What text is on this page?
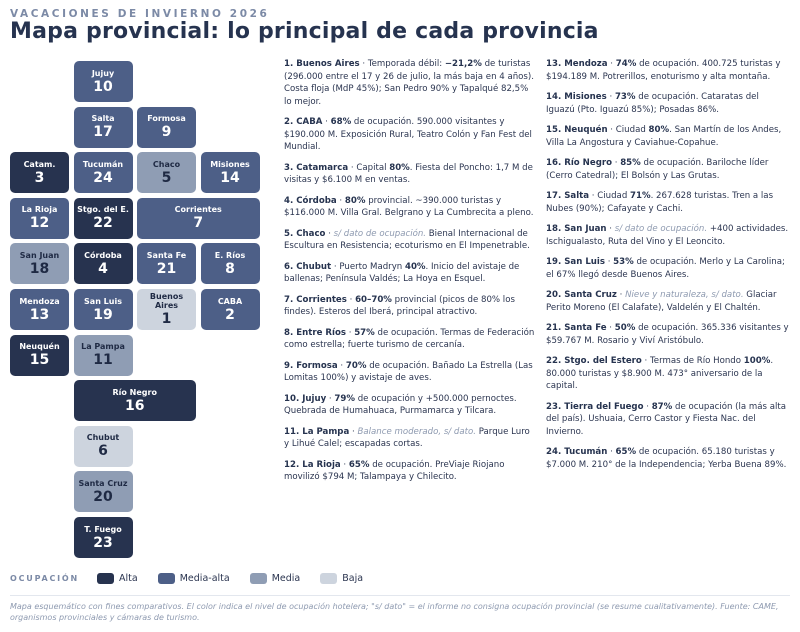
VACACIONES DE INVIERNO 2026
Mapa provincial: lo principal de cada provincia
Jujuy
10
Salta
17
Formosa
9
Catam.
3
Tucumán
24
Chaco
5
Misiones
14
La Rioja
12
Stgo. del E.
22
Corrientes
7
San Juan
18
Córdoba
4
Santa Fe
21
E. Ríos
8
Mendoza
13
San Luis
19
Buenos Aires
1
CABA
2
Neuquén
15
La Pampa
11
Río Negro
16
Chubut
6
Santa Cruz
20
T. Fuego
23
1. Buenos Aires · Temporada débil: −21,2% de turistas (296.000 entre el 17 y 26 de julio, la más baja en 4 años). Costa floja (MdP 45%); San Pedro 90% y Tapalqué 82,5% lo mejor.
2. CABA · 68% de ocupación. 590.000 visitantes y $190.000 M. Exposición Rural, Teatro Colón y Fan Fest del Mundial.
3. Catamarca · Capital 80%. Fiesta del Poncho: 1,7 M de visitas y $6.100 M en ventas.
4. Córdoba · 80% provincial. ~390.000 turistas y $116.000 M. Villa Gral. Belgrano y La Cumbrecita a pleno.
5. Chaco · s/ dato de ocupación. Bienal Internacional de Escultura en Resistencia; ecoturismo en El Impenetrable.
6. Chubut · Puerto Madryn 40%. Inicio del avistaje de ballenas; Península Valdés; La Hoya en Esquel.
7. Corrientes · 60–70% provincial (picos de 80% los findes). Esteros del Iberá, principal atractivo.
8. Entre Ríos · 57% de ocupación. Termas de Federación como estrella; fuerte turismo de cercanía.
9. Formosa · 70% de ocupación. Bañado La Estrella (Las Lomitas 100%) y avistaje de aves.
10. Jujuy · 79% de ocupación y +500.000 pernoctes. Quebrada de Humahuaca, Purmamarca y Tilcara.
11. La Pampa · Balance moderado, s/ dato. Parque Luro y Lihué Calel; escapadas cortas.
12. La Rioja · 65% de ocupación. PreViaje Riojano movilizó $794 M; Talampaya y Chilecito.
13. Mendoza · 74% de ocupación. 400.725 turistas y $194.189 M. Potrerillos, enoturismo y alta montaña.
14. Misiones · 73% de ocupación. Cataratas del Iguazú (Pto. Iguazú 85%); Posadas 86%.
15. Neuquén · Ciudad 80%. San Martín de los Andes, Villa La Angostura y Caviahue-Copahue.
16. Río Negro · 85% de ocupación. Bariloche líder (Cerro Catedral); El Bolsón y Las Grutas.
17. Salta · Ciudad 71%. 267.628 turistas. Tren a las Nubes (90%); Cafayate y Cachi.
18. San Juan · s/ dato de ocupación. +400 actividades. Ischigualasto, Ruta del Vino y El Leoncito.
19. San Luis · 53% de ocupación. Merlo y La Carolina; el 67% llegó desde Buenos Aires.
20. Santa Cruz · Nieve y naturaleza, s/ dato. Glaciar Perito Moreno (El Calafate), Valdelén y El Chaltén.
21. Santa Fe · 50% de ocupación. 365.336 visitantes y $59.767 M. Rosario y Viví Aristóbulo.
22. Stgo. del Estero · Termas de Río Hondo 100%. 80.000 turistas y $8.900 M. 473° aniversario de la capital.
23. Tierra del Fuego · 87% de ocupación (la más alta del país). Ushuaia, Cerro Castor y Fiesta Nac. del Invierno.
24. Tucumán · 65% de ocupación. 65.180 turistas y $7.000 M. 210° de la Independencia; Yerba Buena 89%.
OCUPACIÓN	Alta	Media-alta	Media	Baja
Mapa esquemático con fines comparativos. El color indica el nivel de ocupación hotelera; "s/ dato" = el informe no consigna ocupación provincial (se resume cualitativamente). Fuente: CAME, organismos provinciales y cámaras de turismo.
